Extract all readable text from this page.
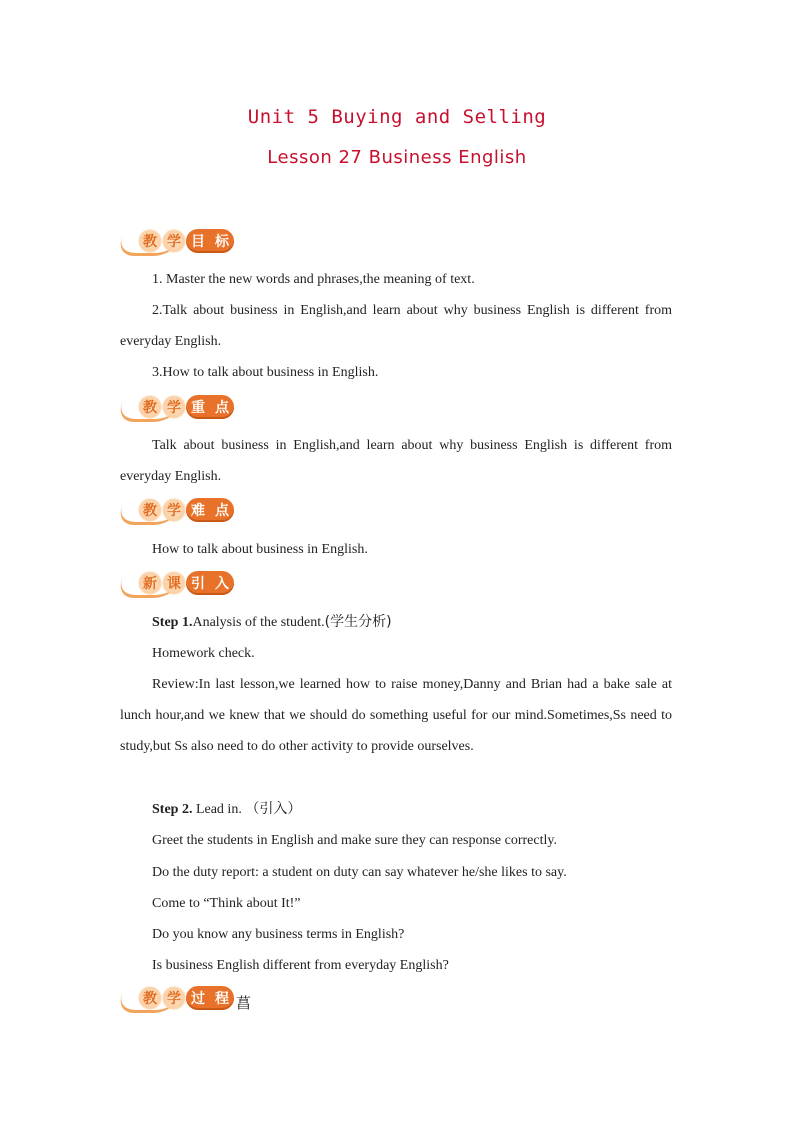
Unit 5 Buying and Selling
Lesson 27 Business English
教 学 目 标
1. Master the new words and phrases,the meaning of text.
2.Talk about business in English,and learn about why business English is different from everyday English.
3.How to talk about business in English.
教 学 重 点
Talk about business in English,and learn about why business English is different from everyday English.
教 学 难 点
How to talk about business in English.
新 课 引 入
Step 1.Analysis of the student.(学生分析)
Homework check.
Review:In last lesson,we learned how to raise money,Danny and Brian had a bake sale at lunch hour,and we knew that we should do something useful for our mind.Sometimes,Ss need to study,but Ss also need to do other activity to provide ourselves.
Step 2. Lead in. （引入）
Greet the students in English and make sure they can response correctly.
Do the duty report: a student on duty can say whatever he/she likes to say.
Come to “Think about It!”
Do you know any business terms in English?
Is business English different from everyday English?
教 学 过 程 菖
